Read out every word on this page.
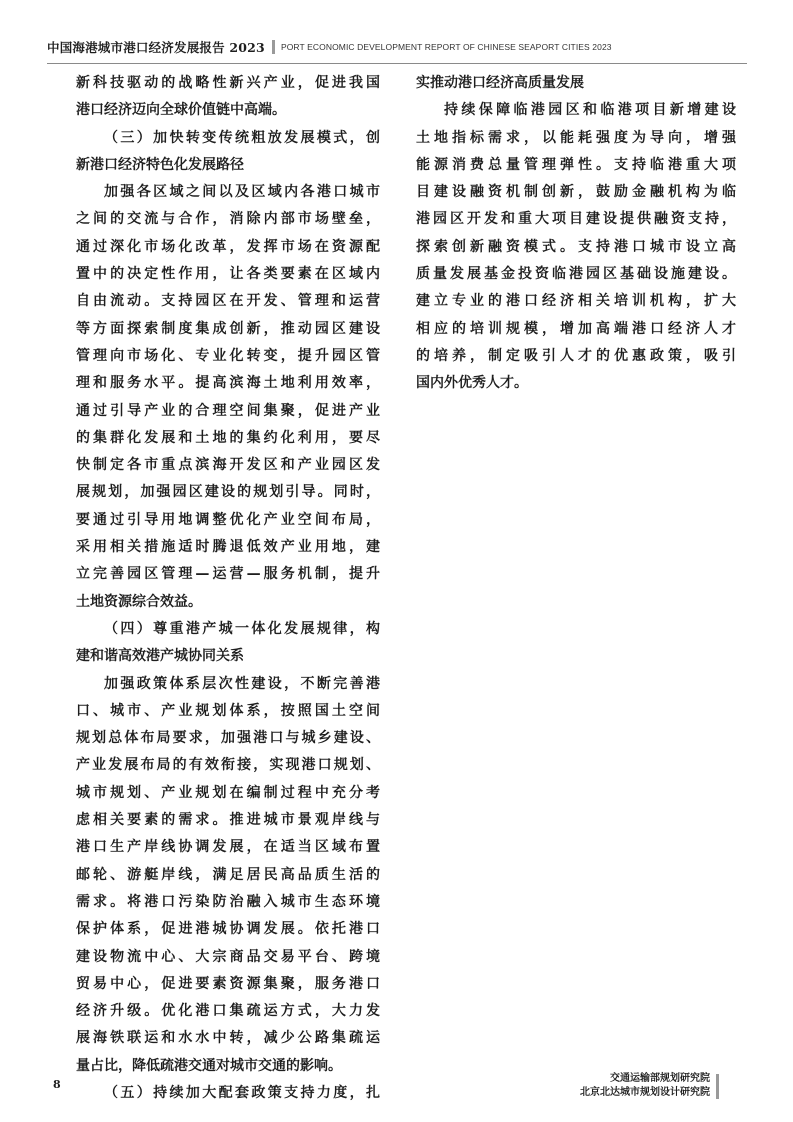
中国海港城市港口经济发展报告 2023 PORT ECONOMIC DEVELOPMENT REPORT OF CHINESE SEAPORT CITIES 2023
新科技驱动的战略性新兴产业，促进我国
港口经济迈向全球价值链中高端。
（三）加快转变传统粗放发展模式，创
新港口经济特色化发展路径
加强各区域之间以及区域内各港口城市
之间的交流与合作，消除内部市场壁垒，
通过深化市场化改革，发挥市场在资源配
置中的决定性作用，让各类要素在区域内
自由流动。支持园区在开发、管理和运营
等方面探索制度集成创新，推动园区建设
管理向市场化、专业化转变，提升园区管
理和服务水平。提高滨海土地利用效率，
通过引导产业的合理空间集聚，促进产业
的集群化发展和土地的集约化利用，要尽
快制定各市重点滨海开发区和产业园区发
展规划，加强园区建设的规划引导。同时，
要通过引导用地调整优化产业空间布局，
采用相关措施适时腾退低效产业用地，建
立完善园区管理—运营—服务机制，提升
土地资源综合效益。
（四）尊重港产城一体化发展规律，构
建和谐高效港产城协同关系
加强政策体系层次性建设，不断完善港
口、城市、产业规划体系，按照国土空间
规划总体布局要求，加强港口与城乡建设、
产业发展布局的有效衔接，实现港口规划、
城市规划、产业规划在编制过程中充分考
虑相关要素的需求。推进城市景观岸线与
港口生产岸线协调发展，在适当区域布置
邮轮、游艇岸线，满足居民高品质生活的
需求。将港口污染防治融入城市生态环境
保护体系，促进港城协调发展。依托港口
建设物流中心、大宗商品交易平台、跨境
贸易中心，促进要素资源集聚，服务港口
经济升级。优化港口集疏运方式，大力发
展海铁联运和水水中转，减少公路集疏运
量占比，降低疏港交通对城市交通的影响。
（五）持续加大配套政策支持力度，扎
实推动港口经济高质量发展
持续保障临港园区和临港项目新增建设
土地指标需求，以能耗强度为导向，增强
能源消费总量管理弹性。支持临港重大项
目建设融资机制创新，鼓励金融机构为临
港园区开发和重大项目建设提供融资支持，
探索创新融资模式。支持港口城市设立高
质量发展基金投资临港园区基础设施建设。
建立专业的港口经济相关培训机构，扩大
相应的培训规模，增加高端港口经济人才
的培养，制定吸引人才的优惠政策，吸引
国内外优秀人才。
8	交通运输部规划研究院
北京北达城市规划设计研究院
